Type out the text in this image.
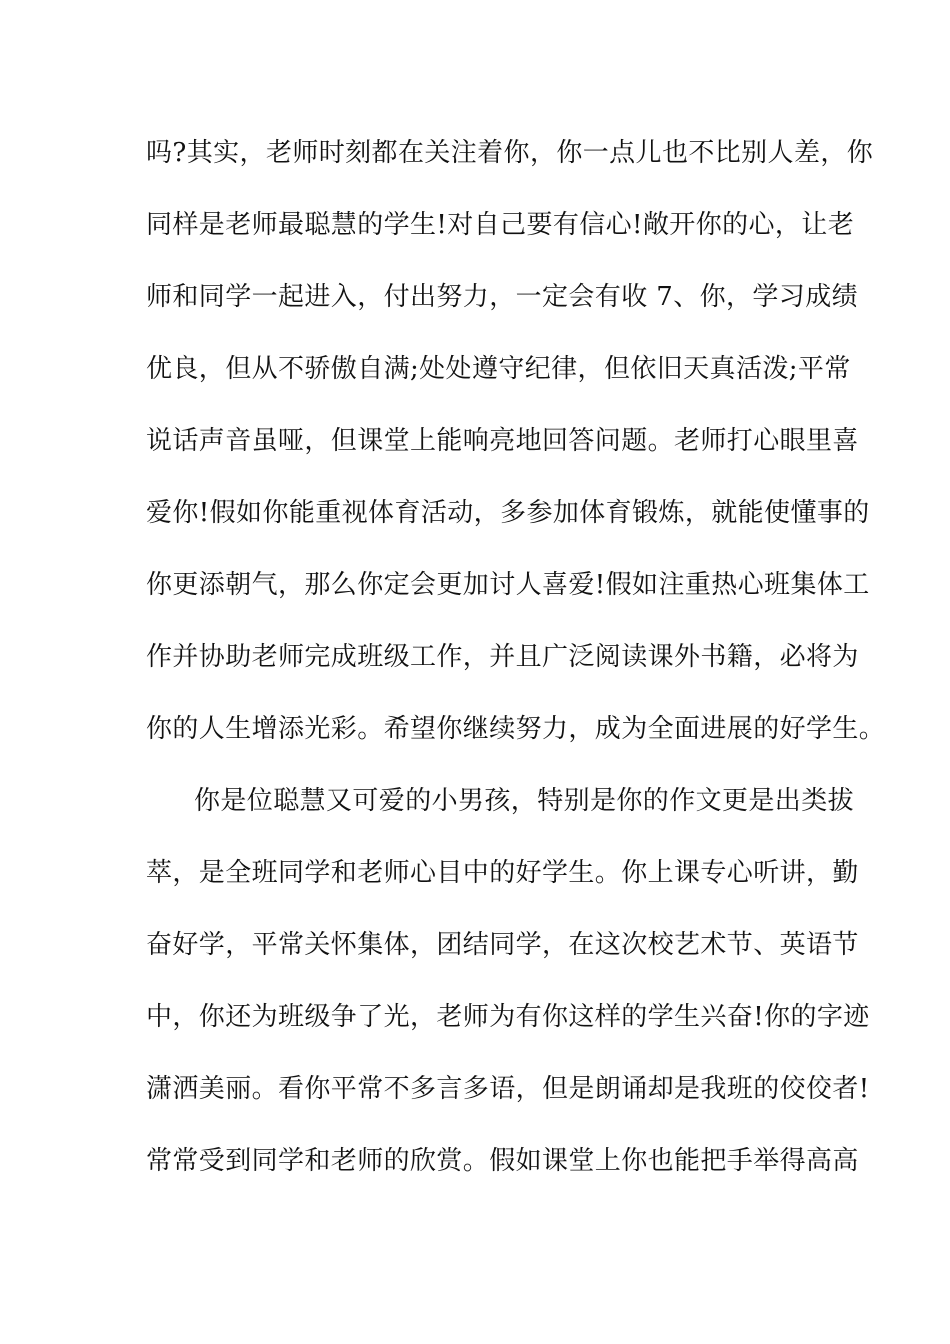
吗?其实，老师时刻都在关注着你，你一点儿也不比别人差，你
同样是老师最聪慧的学生!对自己要有信心!敞开你的心，让老
师和同学一起进入，付出努力，一定会有收 7、你，学习成绩
优良，但从不骄傲自满;处处遵守纪律，但依旧天真活泼;平常
说话声音虽哑，但课堂上能响亮地回答问题。老师打心眼里喜
爱你!假如你能重视体育活动，多参加体育锻炼，就能使懂事的
你更添朝气，那么你定会更加讨人喜爱!假如注重热心班集体工
作并协助老师完成班级工作，并且广泛阅读课外书籍，必将为
你的人生增添光彩。希望你继续努力，成为全面进展的好学生。
你是位聪慧又可爱的小男孩，特别是你的作文更是出类拔
萃，是全班同学和老师心目中的好学生。你上课专心听讲，勤
奋好学，平常关怀集体，团结同学，在这次校艺术节、英语节
中，你还为班级争了光，老师为有你这样的学生兴奋!你的字迹
潇洒美丽。看你平常不多言多语，但是朗诵却是我班的佼佼者!
常常受到同学和老师的欣赏。假如课堂上你也能把手举得高高
